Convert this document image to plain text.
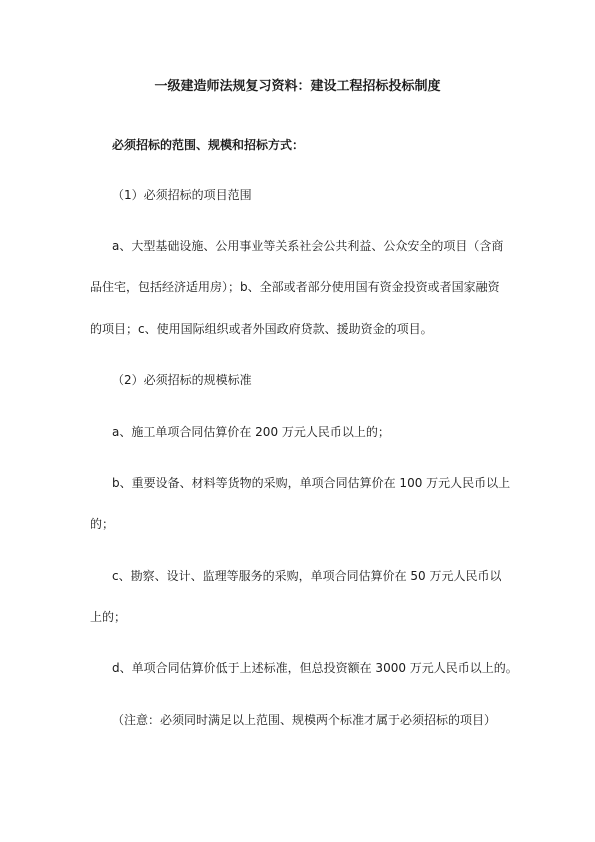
一级建造师法规复习资料：建设工程招标投标制度
必须招标的范围、规模和招标方式：
（1）必须招标的项目范围
a、大型基础设施、公用事业等关系社会公共利益、公众安全的项目（含商
品住宅，包括经济适用房）；b、全部或者部分使用国有资金投资或者国家融资
的项目；c、使用国际组织或者外国政府贷款、援助资金的项目。
（2）必须招标的规模标准
a、施工单项合同估算价在 200 万元人民币以上的；
b、重要设备、材料等货物的采购，单项合同估算价在 100 万元人民币以上
的；
c、勘察、设计、监理等服务的采购，单项合同估算价在 50 万元人民币以
上的；
d、单项合同估算价低于上述标准，但总投资额在 3000 万元人民币以上的。
（注意：必须同时满足以上范围、规模两个标准才属于必须招标的项目）
